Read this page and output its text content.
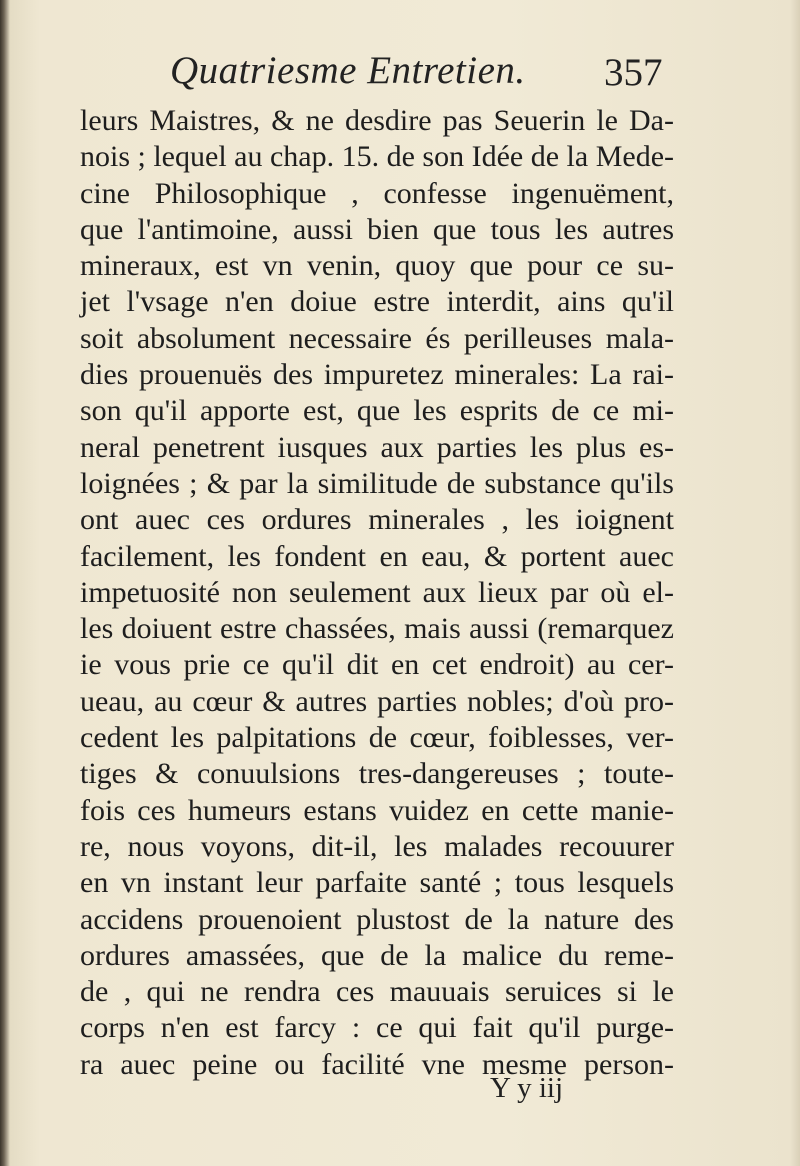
Quatriesme Entretien. 357
leurs Maistres, & ne desdire pas Seuerin le Da-
nois ; lequel au chap. 15. de son Idée de la Mede-
cine Philosophique , confesse ingenuëment,
que l'antimoine, aussi bien que tous les autres
mineraux, est vn venin, quoy que pour ce su-
jet l'vsage n'en doiue estre interdit, ains qu'il
soit absolument necessaire és perilleuses mala-
dies prouenuës des impuretez minerales: La rai-
son qu'il apporte est, que les esprits de ce mi-
neral penetrent iusques aux parties les plus es-
loignées ; & par la similitude de substance qu'ils
ont auec ces ordures minerales , les ioignent
facilement, les fondent en eau, & portent auec
impetuosité non seulement aux lieux par où el-
les doiuent estre chassées, mais aussi (remarquez
ie vous prie ce qu'il dit en cet endroit) au cer-
ueau, au cœur & autres parties nobles; d'où pro-
cedent les palpitations de cœur, foiblesses, ver-
tiges & conuulsions tres-dangereuses ; toute-
fois ces humeurs estans vuidez en cette manie-
re, nous voyons, dit-il, les malades recouurer
en vn instant leur parfaite santé ; tous lesquels
accidens prouenoient plustost de la nature des
ordures amassées, que de la malice du reme-
de , qui ne rendra ces mauuais seruices si le
corps n'en est farcy : ce qui fait qu'il purge-
ra auec peine ou facilité vne mesme person-
Y y iij
